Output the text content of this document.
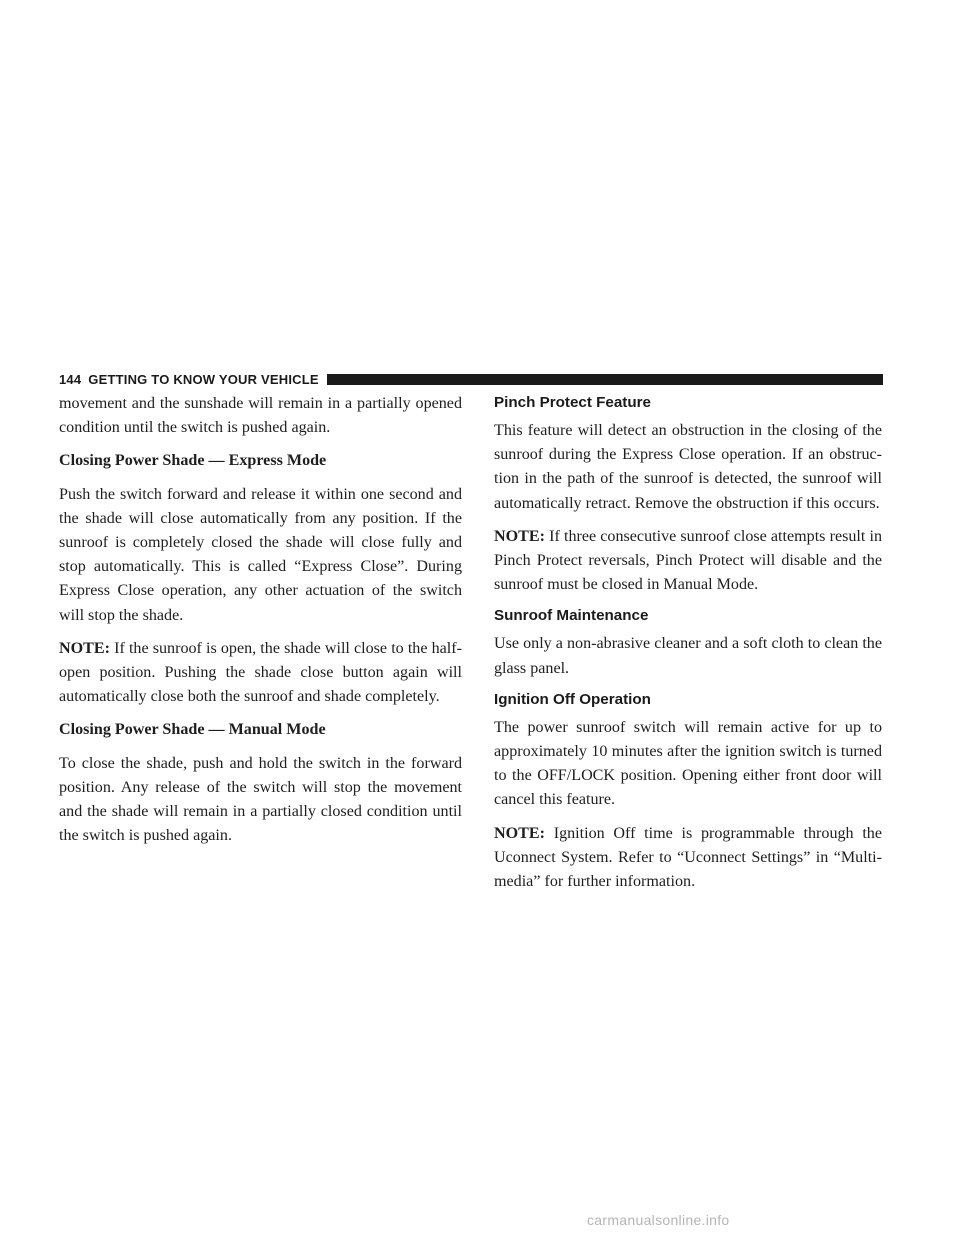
144 GETTING TO KNOW YOUR VEHICLE

movement and the sunshade will remain in a partially opened condition until the switch is pushed again.

Closing Power Shade — Express Mode

Push the switch forward and release it within one second and the shade will close automatically from any position. If the sunroof is completely closed the shade will close fully and stop automatically. This is called “Express Close”. During Express Close operation, any other actuation of the switch will stop the shade.

NOTE: If the sunroof is open, the shade will close to the half-open position. Pushing the shade close button again will automatically close both the sunroof and shade completely.

Closing Power Shade — Manual Mode

To close the shade, push and hold the switch in the forward position. Any release of the switch will stop the movement and the shade will remain in a partially closed condition until the switch is pushed again.

Pinch Protect Feature

This feature will detect an obstruction in the closing of the sunroof during the Express Close operation. If an obstruction in the path of the sunroof is detected, the sunroof will automatically retract. Remove the obstruction if this occurs.

NOTE: If three consecutive sunroof close attempts result in Pinch Protect reversals, Pinch Protect will disable and the sunroof must be closed in Manual Mode.

Sunroof Maintenance

Use only a non-abrasive cleaner and a soft cloth to clean the glass panel.

Ignition Off Operation

The power sunroof switch will remain active for up to approximately 10 minutes after the ignition switch is turned to the OFF/LOCK position. Opening either front door will cancel this feature.

NOTE: Ignition Off time is programmable through the Uconnect System. Refer to “Uconnect Settings” in “Multimedia” for further information.

carmanualsonline.info
